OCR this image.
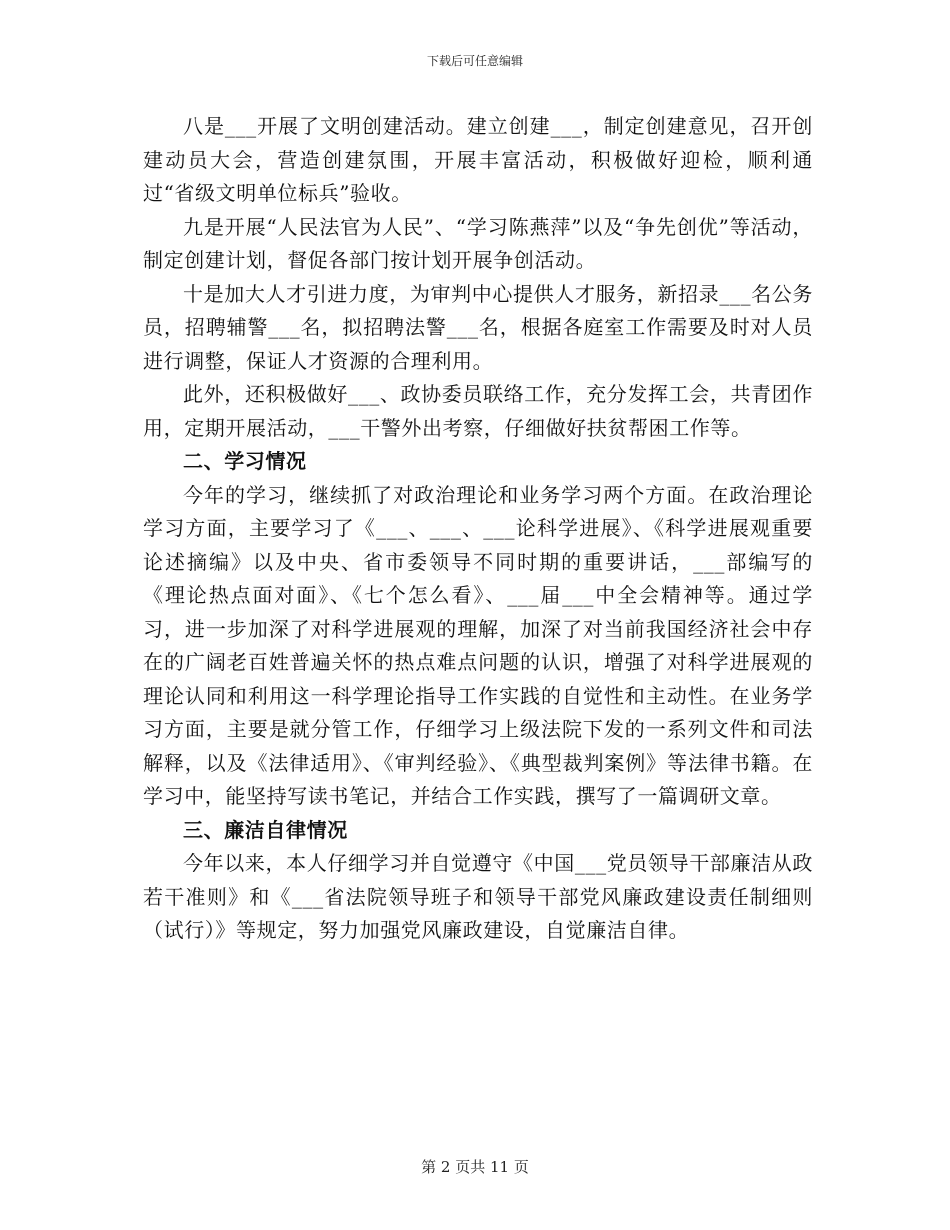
下载后可任意编辑

八是___开展了文明创建活动。建立创建___，制定创建意见，召开创建动员大会，营造创建氛围，开展丰富活动，积极做好迎检，顺利通过“省级文明单位标兵”验收。

九是开展“人民法官为人民”、“学习陈燕萍”以及“争先创优”等活动，制定创建计划，督促各部门按计划开展争创活动。

十是加大人才引进力度，为审判中心提供人才服务，新招录___名公务员，招聘辅警___名，拟招聘法警___名，根据各庭室工作需要及时对人员进行调整，保证人才资源的合理利用。

此外，还积极做好___、政协委员联络工作，充分发挥工会，共青团作用，定期开展活动，___干警外出考察，仔细做好扶贫帮困工作等。

二、学习情况

今年的学习，继续抓了对政治理论和业务学习两个方面。在政治理论学习方面，主要学习了《___、___、___论科学进展》、《科学进展观重要论述摘编》以及中央、省市委领导不同时期的重要讲话，___部编写的《理论热点面对面》、《七个怎么看》、___届___中全会精神等。通过学习，进一步加深了对科学进展观的理解，加深了对当前我国经济社会中存在的广阔老百姓普遍关怀的热点难点问题的认识，增强了对科学进展观的理论认同和利用这一科学理论指导工作实践的自觉性和主动性。在业务学习方面，主要是就分管工作，仔细学习上级法院下发的一系列文件和司法解释，以及《法律适用》、《审判经验》、《典型裁判案例》等法律书籍。在学习中，能坚持写读书笔记，并结合工作实践，撰写了一篇调研文章。

三、廉洁自律情况

今年以来，本人仔细学习并自觉遵守《中国___党员领导干部廉洁从政若干准则》和《___省法院领导班子和领导干部党风廉政建设责任制细则（试行）》等规定，努力加强党风廉政建设，自觉廉洁自律。

第 2 页共 11 页
